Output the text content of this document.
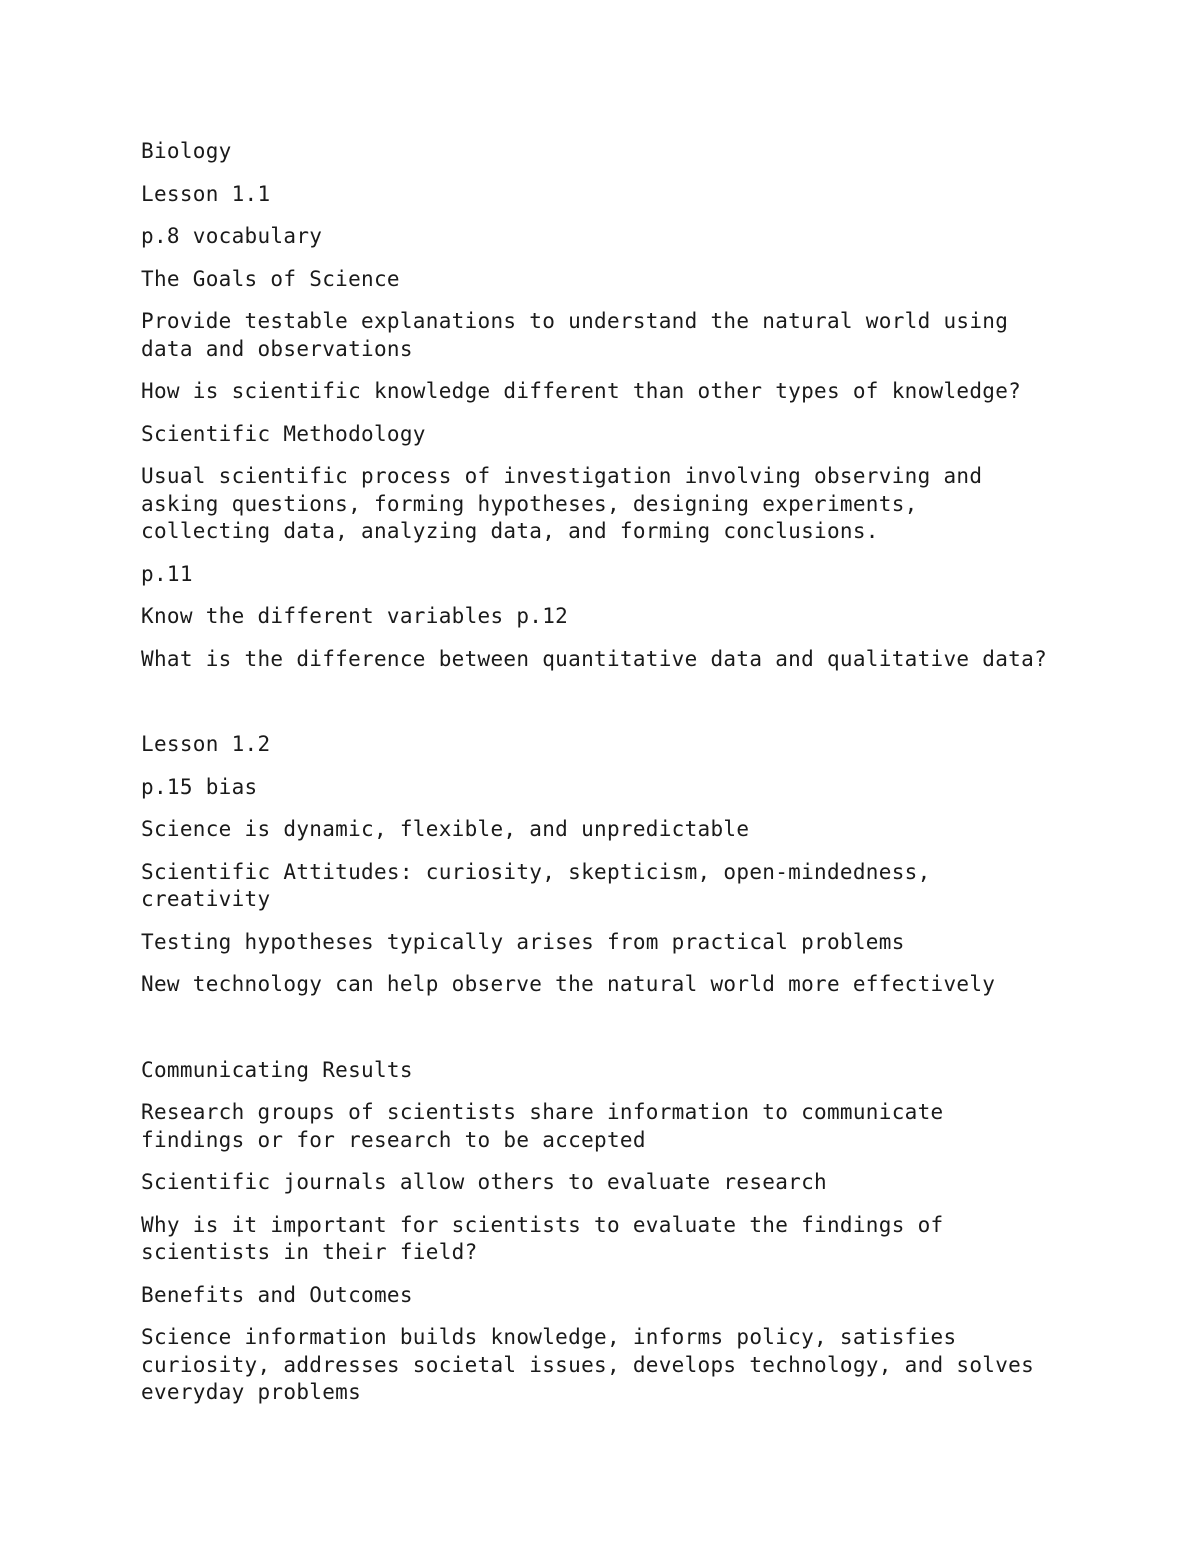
Biology

Lesson 1.1

p.8 vocabulary

The Goals of Science

Provide testable explanations to understand the natural world using
data and observations

How is scientific knowledge different than other types of knowledge?

Scientific Methodology

Usual scientific process of investigation involving observing and
asking questions, forming hypotheses, designing experiments,
collecting data, analyzing data, and forming conclusions.

p.11

Know the different variables p.12

What is the difference between quantitative data and qualitative data?

Lesson 1.2

p.15 bias

Science is dynamic, flexible, and unpredictable

Scientific Attitudes: curiosity, skepticism, open-mindedness,
creativity

Testing hypotheses typically arises from practical problems

New technology can help observe the natural world more effectively

Communicating Results

Research groups of scientists share information to communicate
findings or for research to be accepted

Scientific journals allow others to evaluate research

Why is it important for scientists to evaluate the findings of
scientists in their field?

Benefits and Outcomes

Science information builds knowledge, informs policy, satisfies
curiosity, addresses societal issues, develops technology, and solves
everyday problems
